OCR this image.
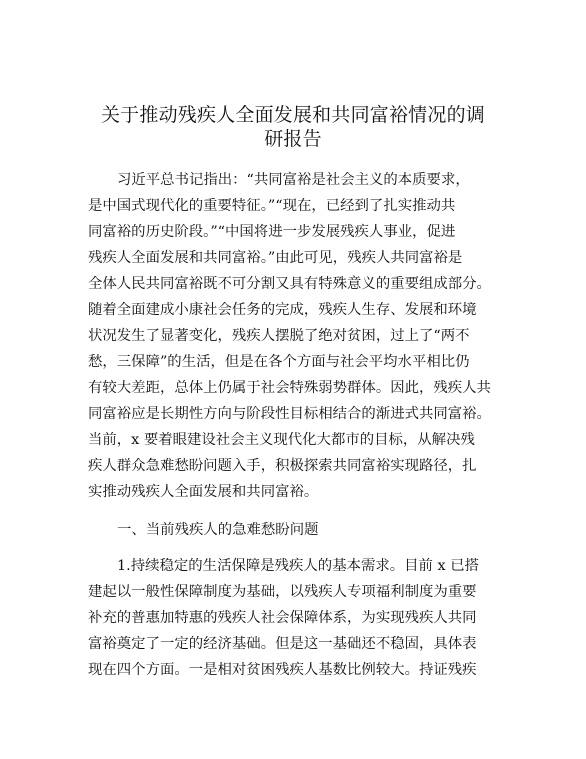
关于推动残疾人全面发展和共同富裕情况的调
研报告
习近平总书记指出：“共同富裕是社会主义的本质要求，
是中国式现代化的重要特征。”“现在，已经到了扎实推动共
同富裕的历史阶段。”“中国将进一步发展残疾人事业，促进
残疾人全面发展和共同富裕。”由此可见，残疾人共同富裕是
全体人民共同富裕既不可分割又具有特殊意义的重要组成部分。
随着全面建成小康社会任务的完成，残疾人生存、发展和环境
状况发生了显著变化，残疾人摆脱了绝对贫困，过上了“两不
愁，三保障”的生活，但是在各个方面与社会平均水平相比仍
有较大差距，总体上仍属于社会特殊弱势群体。因此，残疾人共
同富裕应是长期性方向与阶段性目标相结合的渐进式共同富裕。
当前，x 要着眼建设社会主义现代化大都市的目标，从解决残
疾人群众急难愁盼问题入手，积极探索共同富裕实现路径，扎
实推动残疾人全面发展和共同富裕。
一、当前残疾人的急难愁盼问题
1.持续稳定的生活保障是残疾人的基本需求。目前 x 已搭
建起以一般性保障制度为基础，以残疾人专项福利制度为重要
补充的普惠加特惠的残疾人社会保障体系，为实现残疾人共同
富裕奠定了一定的经济基础。但是这一基础还不稳固，具体表
现在四个方面。一是相对贫困残疾人基数比例较大。持证残疾
